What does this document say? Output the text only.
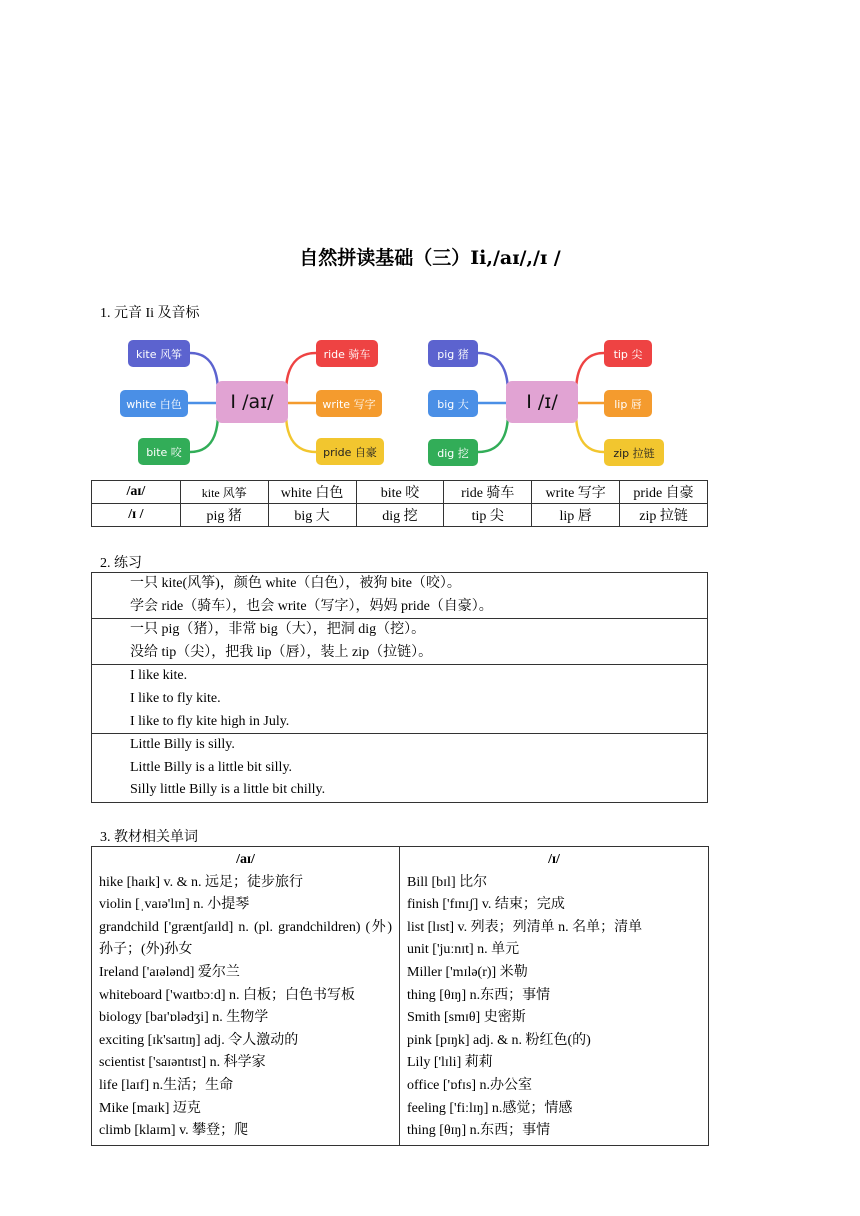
自然拼读基础（三）Ii,/aɪ/,/ɪ /
1. 元音 Ii 及音标
I /aɪ/
kite 风筝
white 白色
bite 咬
ride 骑车
write 写字
pride 自豪
I /ɪ/
pig 猪
big 大
dig 挖
tip 尖
lip 唇
zip 拉链
/aɪ/	kite 风筝	white 白色	bite 咬	ride 骑车	write 写字	pride 自豪
/ɪ /	pig 猪	big 大	dig 挖	tip 尖	lip 唇	zip 拉链
2. 练习
一只 kite(风筝)，颜色 white（白色），被狗 bite（咬）。
学会 ride（骑车），也会 write（写字），妈妈 pride（自豪）。

一只 pig（猪），非常 big（大），把洞 dig（挖）。
没给 tip（尖），把我 lip（唇），装上 zip（拉链）。

I like kite.
I like to fly kite.
I like to fly kite high in July.

Little Billy is silly.
Little Billy is a little bit silly.
Silly little Billy is a little bit chilly.
3. 教材相关单词
/aɪ/
hike [haɪk] v. & n. 远足；徒步旅行
violin [ˌvaɪə'lɪn] n. 小提琴
grandchild ['græntʃaɪld] n. (pl. grandchildren) (外)孙子；(外)孙女
Ireland ['aɪələnd] 爱尔兰
whiteboard ['waɪtbɔːd] n. 白板；白色书写板
biology [baɪ'ɒlədʒi] n. 生物学
exciting [ɪk'saɪtɪŋ] adj. 令人激动的
scientist ['saɪəntɪst] n. 科学家
life [laɪf] n.生活；生命
Mike [maɪk] 迈克
climb [klaɪm] v. 攀登；爬

/ɪ/
Bill [bɪl] 比尔
finish ['fɪnɪʃ] v. 结束；完成
list [lɪst] v. 列表；列清单 n. 名单；清单
unit ['juːnɪt] n. 单元
Miller ['mɪlə(r)] 米勒
thing [θɪŋ] n.东西；事情
Smith [smɪθ] 史密斯
pink [pɪŋk] adj. & n. 粉红色(的)
Lily ['lɪli] 莉莉
office ['ɒfɪs] n.办公室
feeling ['fiːlɪŋ] n.感觉；情感
thing [θɪŋ] n.东西；事情
